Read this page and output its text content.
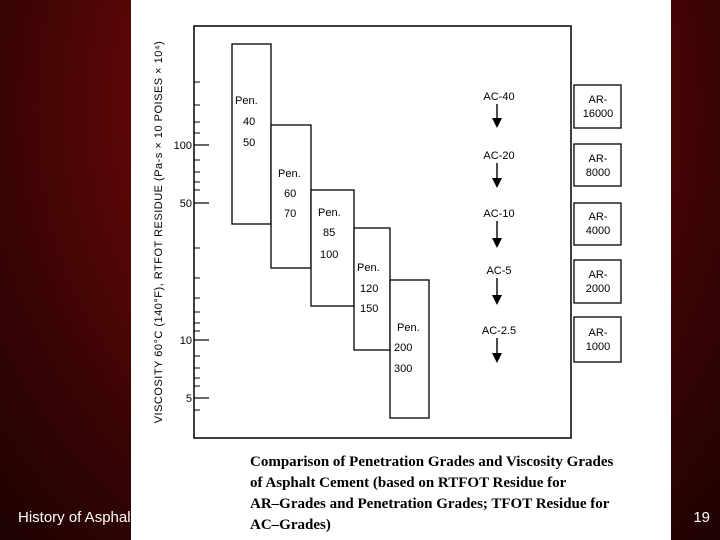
VISCOSITY 60°C (140°F), RTFOT RESIDUE (Pa-s × 10 POISES × 10⁴) 100
50
10
5
Pen.
40
50
Pen.
60
70 Pen.
85
100
Pen.
120
150
Pen.
200
300
AC-40
AC-20
AC-10
AC-5
AC-2.5
AR-
16000
AR-
8000
AR-
4000
AR-
2000
AR-
1000
Comparison of Penetration Grades and Viscosity Grades
of Asphalt Cement (based on RTFOT Residue for
AR–Grades and Penetration Grades; TFOT Residue for
AC–Grades)
History of Asphalt Grading Systems	19
